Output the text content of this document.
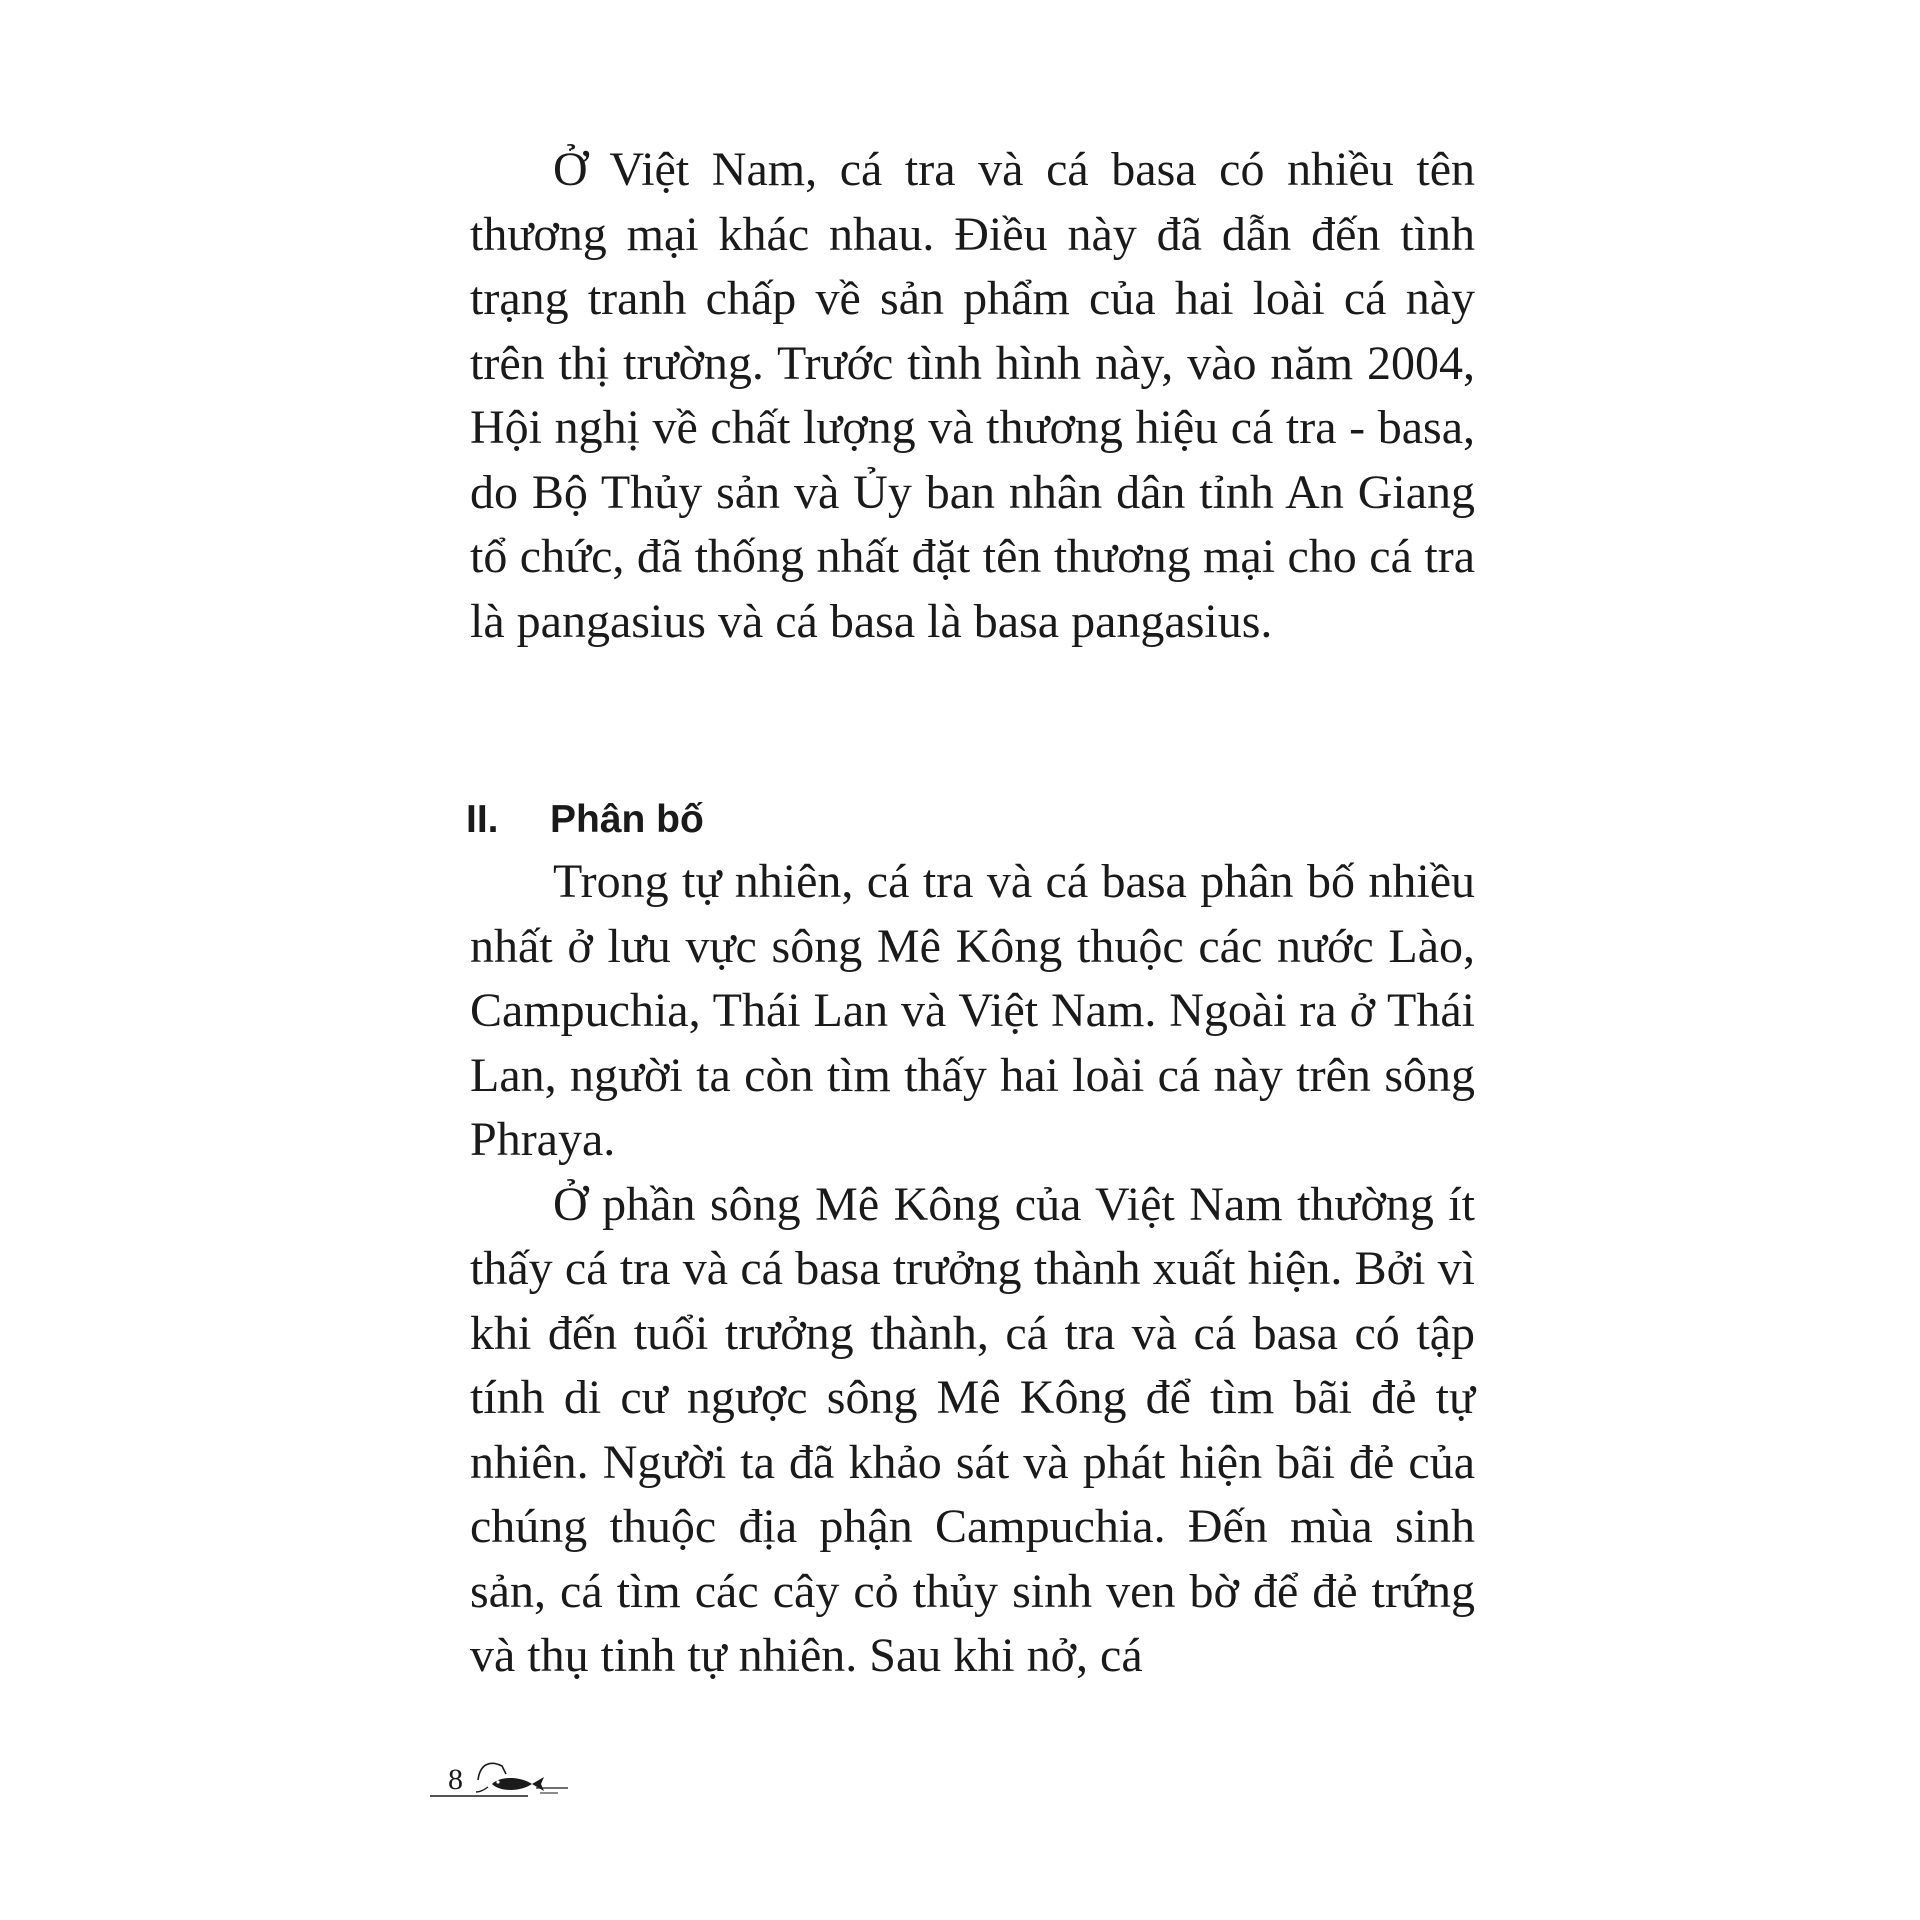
Ở Việt Nam, cá tra và cá basa có nhiều tên thương mại khác nhau. Điều này đã dẫn đến tình trạng tranh chấp về sản phẩm của hai loài cá này trên thị trường. Trước tình hình này, vào năm 2004, Hội nghị về chất lượng và thương hiệu cá tra - basa, do Bộ Thủy sản và Ủy ban nhân dân tỉnh An Giang tổ chức, đã thống nhất đặt tên thương mại cho cá tra là pangasius và cá basa là basa pangasius.

II. Phân bố

Trong tự nhiên, cá tra và cá basa phân bố nhiều nhất ở lưu vực sông Mê Kông thuộc các nước Lào, Campuchia, Thái Lan và Việt Nam. Ngoài ra ở Thái Lan, người ta còn tìm thấy hai loài cá này trên sông Phraya.

Ở phần sông Mê Kông của Việt Nam thường ít thấy cá tra và cá basa trưởng thành xuất hiện. Bởi vì khi đến tuổi trưởng thành, cá tra và cá basa có tập tính di cư ngược sông Mê Kông để tìm bãi đẻ tự nhiên. Người ta đã khảo sát và phát hiện bãi đẻ của chúng thuộc địa phận Campuchia. Đến mùa sinh sản, cá tìm các cây cỏ thủy sinh ven bờ để đẻ trứng và thụ tinh tự nhiên. Sau khi nở, cá

8
